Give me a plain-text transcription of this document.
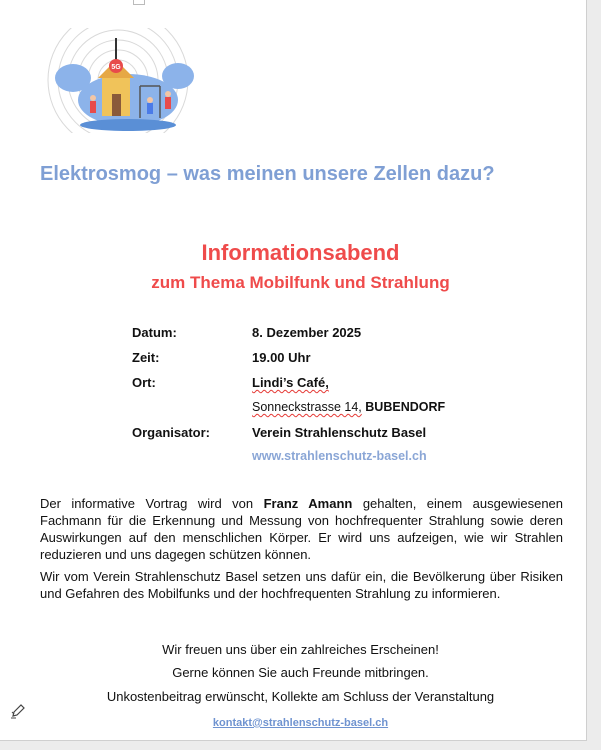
5G
Elektrosmog – was meinen unsere Zellen dazu?
Informationsabend
zum Thema Mobilfunk und Strahlung
Datum:	8. Dezember 2025
Zeit:	19.00 Uhr
Ort:	Lindi’s Café,
Sonneckstrasse 14, BUBENDORF
Organisator:	Verein Strahlenschutz Basel
www.strahlenschutz-basel.ch
Der informative Vortrag wird von Franz Amann gehalten, einem ausgewiesenen Fachmann für die Erkennung und Messung von hochfrequenter Strahlung sowie deren Auswirkungen auf den menschlichen Körper. Er wird uns aufzeigen, wie wir Strahlen reduzieren und uns dagegen schützen können.
Wir vom Verein Strahlenschutz Basel setzen uns dafür ein, die Bevölkerung über Risiken und Gefahren des Mobilfunks und der hochfrequenten Strahlung zu informieren.
Wir freuen uns über ein zahlreiches Erscheinen!
Gerne können Sie auch Freunde mitbringen.
Unkostenbeitrag erwünscht, Kollekte am Schluss der Veranstaltung
kontakt@strahlenschutz-basel.ch
